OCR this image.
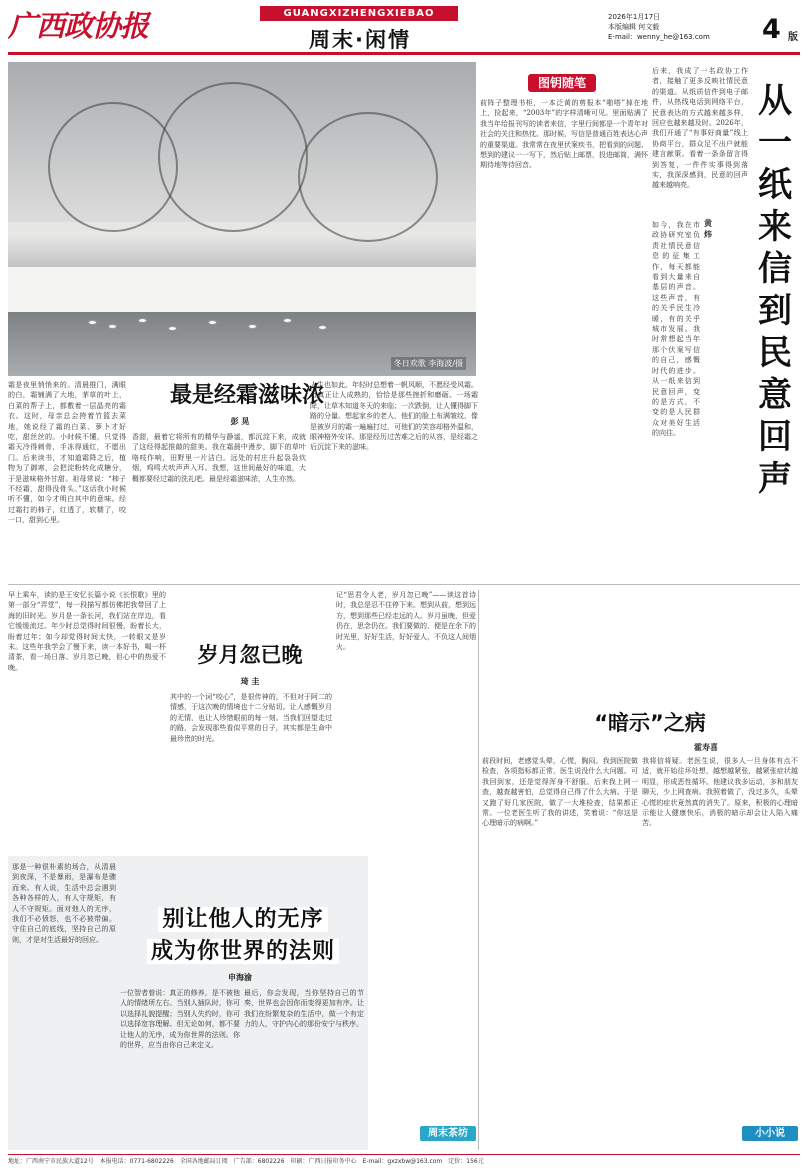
广西政协报	GUANGXIZHENGXIEBAO
周末·闲情
2026年1月17日
本版编辑 何文毅
E-mail：wenny_he@163.com	4 版
冬日欢歌 李海波/摄
图钥随笔
前阵子整理书柜，一本泛黄的剪报本“啪嗒”掉在地上，捡起来，“2003年”的字样清晰可见。里面贴满了我当年给报刊写的读者来信，字里行间都是一个青年对社会的关注和热忱。那时候，写信是普通百姓表达心声的重要渠道。我常常在夜里伏案疾书，把看到的问题、想到的建议一一写下，然后贴上邮票，投进邮筒，满怀期待地等待回音。
后来，我成了一名政协工作者，接触了更多反映社情民意的渠道。从纸质信件到电子邮件，从热线电话到网络平台，民意表达的方式越来越多样，回应也越来越及时。2026年，我们开通了“有事好商量”线上协商平台，群众足不出户就能建言献策。看着一条条留言得到答复，一件件实事得到落实，我深深感到，民意的回声越来越响亮。
从一纸来信到民意回声
黄 炜
如今，我在市政协研究室负责社情民意信息的征集工作，每天都能看到大量来自基层的声音。这些声音，有的关乎民生冷暖，有的关乎城市发展。我时常想起当年那个伏案写信的自己，感慨时代的进步。从一纸来信到民意回声，变的是方式，不变的是人民群众对美好生活的向往。
霜是夜里悄悄来的。清晨推门，满眼的白，霜铺满了大地，茅草的叶上，白菜的帮子上，都敷着一层晶亮的霜衣。这时，母亲总会挎着竹篮去菜地，她说经了霜的白菜、萝卜才好吃，甜丝丝的。小时候不懂，只觉得霜天冷得刺骨，手冻得通红，不愿出门。后来读书，才知道霜降之后，植物为了御寒，会把淀粉转化成糖分，于是滋味格外甘甜。祖母常说：“柿子不经霜，甜得没骨头。”这话我小时候听不懂，如今才明白其中的意味。经过霜打的柿子，红透了，软糯了，咬一口，甜到心里。
最是经霜滋味浓
彭 晃
人生也如此。年轻时总想着一帆风顺，不愿经受风霜。可真正让人成熟的，恰恰是那些挫折和磨砺。一场霜降，让草木知道冬天的来临；一次跌倒，让人懂得脚下路的分量。想起家乡的老人，他们的脸上布满皱纹，像是被岁月的霜一遍遍打过，可他们的笑容却格外温和，眼神格外安详。那是经历过苦难之后的从容，是经霜之后沉淀下来的滋味。
香甜，最着它将所有的精华与静谧，都沉淀下来，成就了这经得起推敲的甜美。我在霜晨中漫步，脚下的草叶咯吱作响，田野里一片洁白。远处的村庄升起袅袅炊烟，鸡鸣犬吠声声入耳。我想，这世间最好的味道，大概都要经过霜的洗礼吧。最是经霜滋味浓，人生亦然。
早上乘车，读的是王安忆长篇小说《长恨歌》里的第一部分“弄堂”，每一段描写都仿佛把我带回了上海的旧时光。岁月是一条长河，我们站在岸边，看它缓缓流过。年少时总觉得时间很慢，盼着长大，盼着过年；如今却觉得时间太快，一转眼又是岁末。这些年我学会了慢下来，读一本好书，喝一杯清茶，看一场日落。岁月忽已晚，但心中的热爱不晚。
岁月忽已晚
琦 圭
其中的一个词“咬心”，是很传神的，不但对于阿二的情感，于这次晚的情境也十二分贴切。让人感慨岁月的无情，也让人珍惜眼前的每一刻。当我们回望走过的路，会发现那些看似平常的日子，其实都是生命中最珍贵的时光。
记“思君令人老，岁月忽已晚”——读这首诗时，我总是忍不住停下来。想到从前，想到远方，想到那些已经走远的人。岁月虽晚，但爱仍在，思念仍在。我们要做的，便是在余下的时光里，好好生活，好好爱人，不负这人间烟火。
“暗示”之病
霍寿喜
前段时间，老感觉头晕，心慌，胸闷。我到医院做检查，各项指标都正常，医生说没什么大问题。可我回到家，还是觉得浑身不舒服。后来我上网一查，越查越害怕，总觉得自己得了什么大病。于是又跑了好几家医院，做了一大堆检查，结果都正常。一位老医生听了我的讲述，笑着说：“你这是心理暗示的病啊。”
我将信将疑。老医生说，很多人一旦身体有点不适，就开始往坏处想，越想越紧张，越紧张症状越明显，形成恶性循环。他建议我多运动，多和朋友聊天，少上网查病。我照着做了，没过多久，头晕心慌的症状竟然真的消失了。原来，积极的心理暗示能让人健康快乐，消极的暗示却会让人陷入痛苦。
别让他人的无序
成为你世界的法则
申海渝
那是一种很朴素的场合，从清晨到夜深，不是暴雨，是瀑布是骤而来。有人说，生活中总会遇到各种各样的人，有人守规矩，有人不守规矩。面对他人的无序，我们不必愤怒，也不必被带偏。守住自己的底线，坚持自己的原则，才是对生活最好的回应。
一位智者曾说：真正的修养，是不被他人的情绪所左右。当别人插队时，你可以选择礼貌提醒；当别人失约时，你可以选择宽容理解。但无论如何，都不要让他人的无序，成为你世界的法则。你的世界，应当由你自己来定义。
最后，你会发现，当你坚持自己的节奏，世界也会因你而变得更加有序。让我们在纷繁复杂的生活中，做一个有定力的人，守护内心的那份安宁与秩序。
周末茶坊	小小说
地址：广西南宁市民族大道12号　本报电话：0771-6802226　全国各地邮局订阅　广告部：6802226　印刷：广西日报印务中心　E-mail：gxzxbw@163.com　定价：156元
